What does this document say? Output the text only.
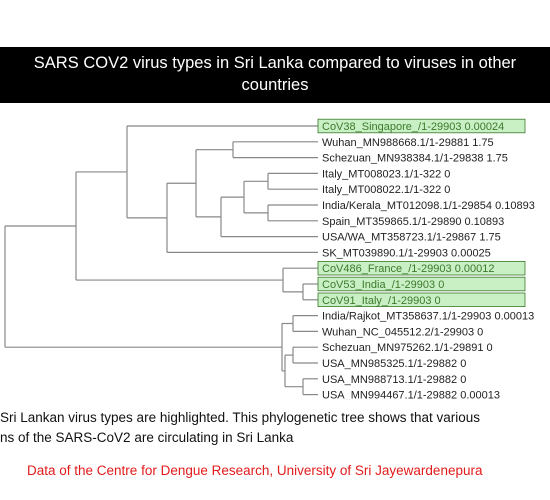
SARS COV2 virus types in Sri Lanka compared to viruses in other
countries
CoV38_Singapore_/1-29903 0.00024
Wuhan_MN988668.1/1-29881 1.75
Schezuan_MN938384.1/1-29838 1.75
Italy_MT008023.1/1-322 0
Italy_MT008022.1/1-322 0
India/Kerala_MT012098.1/1-29854 0.10893
Spain_MT359865.1/1-29890 0.10893
USA/WA_MT358723.1/1-29867 1.75
SK_MT039890.1/1-29903 0.00025
CoV486_France_/1-29903 0.00012
CoV53_India_/1-29903 0
CoV91_Italy_/1-29903 0
India/Rajkot_MT358637.1/1-29903 0.00013
Wuhan_NC_045512.2/1-29903 0
Schezuan_MN975262.1/1-29891 0
USA_MN985325.1/1-29882 0
USA_MN988713.1/1-29882 0
USA_MN994467.1/1-29882 0.00013
Sri Lankan virus types are highlighted. This phylogenetic tree shows that various
ns of the SARS-CoV2 are circulating in Sri Lanka
Data of the Centre for Dengue Research, University of Sri Jayewardenepura
